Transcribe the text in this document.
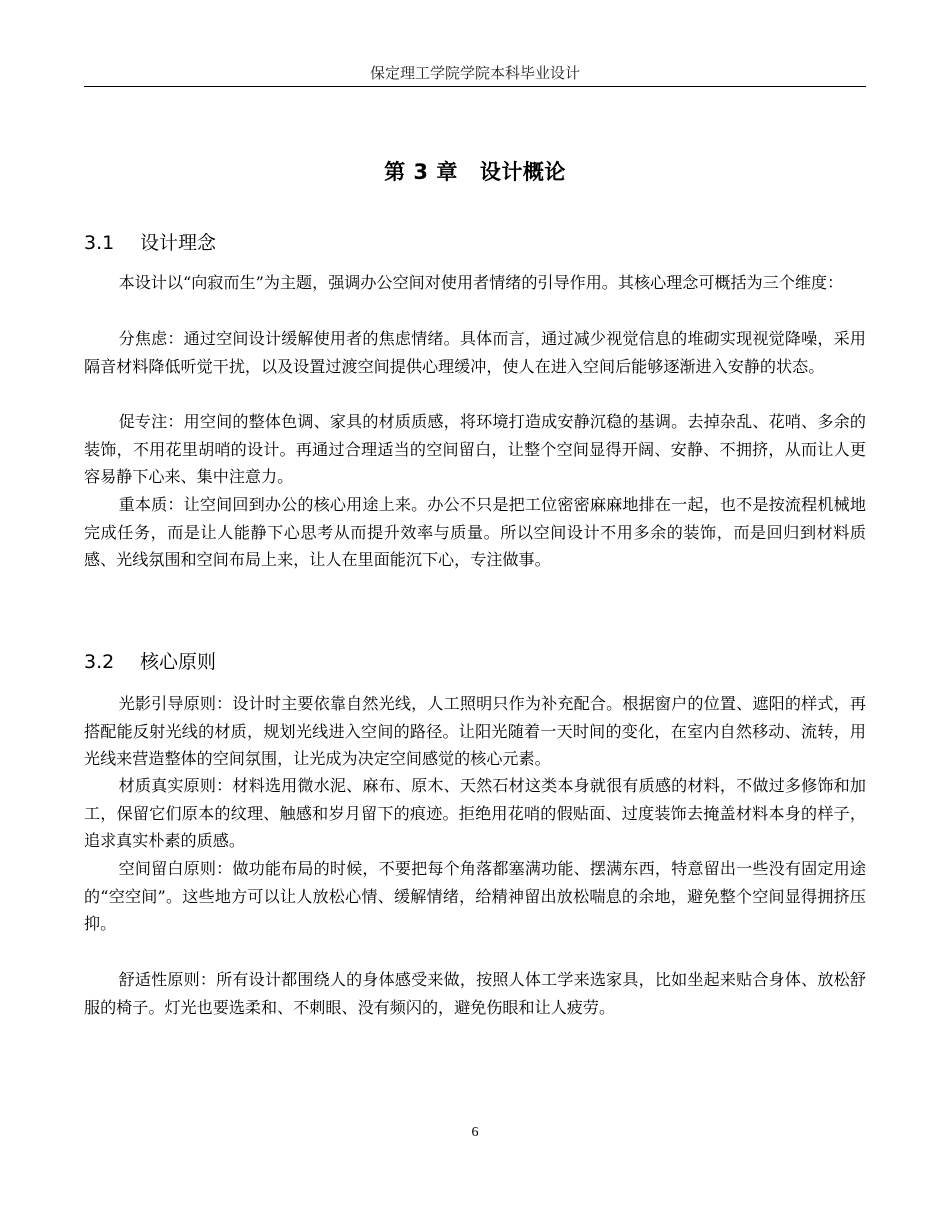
保定理工学院学院本科毕业设计
第 3 章 设计概论
3.1 设计理念

本设计以“向寂而生”为主题，强调办公空间对使用者情绪的引导作用。其核心理念可概括为三个维度：

分焦虑：通过空间设计缓解使用者的焦虑情绪。具体而言，通过减少视觉信息的堆砌实现视觉降噪，采用隔音材料降低听觉干扰，以及设置过渡空间提供心理缓冲，使人在进入空间后能够逐渐进入安静的状态。

促专注：用空间的整体色调、家具的材质质感，将环境打造成安静沉稳的基调。去掉杂乱、花哨、多余的装饰，不用花里胡哨的设计。再通过合理适当的空间留白，让整个空间显得开阔、安静、不拥挤，从而让人更容易静下心来、集中注意力。

重本质：让空间回到办公的核心用途上来。办公不只是把工位密密麻麻地排在一起，也不是按流程机械地完成任务，而是让人能静下心思考从而提升效率与质量。所以空间设计不用多余的装饰，而是回归到材料质感、光线氛围和空间布局上来，让人在里面能沉下心，专注做事。

3.2 核心原则

光影引导原则：设计时主要依靠自然光线，人工照明只作为补充配合。根据窗户的位置、遮阳的样式，再搭配能反射光线的材质，规划光线进入空间的路径。让阳光随着一天时间的变化，在室内自然移动、流转，用光线来营造整体的空间氛围，让光成为决定空间感觉的核心元素。

材质真实原则：材料选用微水泥、麻布、原木、天然石材这类本身就很有质感的材料，不做过多修饰和加工，保留它们原本的纹理、触感和岁月留下的痕迹。拒绝用花哨的假贴面、过度装饰去掩盖材料本身的样子，追求真实朴素的质感。

空间留白原则：做功能布局的时候，不要把每个角落都塞满功能、摆满东西，特意留出一些没有固定用途的“空空间”。这些地方可以让人放松心情、缓解情绪，给精神留出放松喘息的余地，避免整个空间显得拥挤压抑。

舒适性原则：所有设计都围绕人的身体感受来做，按照人体工学来选家具，比如坐起来贴合身体、放松舒服的椅子。灯光也要选柔和、不刺眼、没有频闪的，避免伤眼和让人疲劳。

6
